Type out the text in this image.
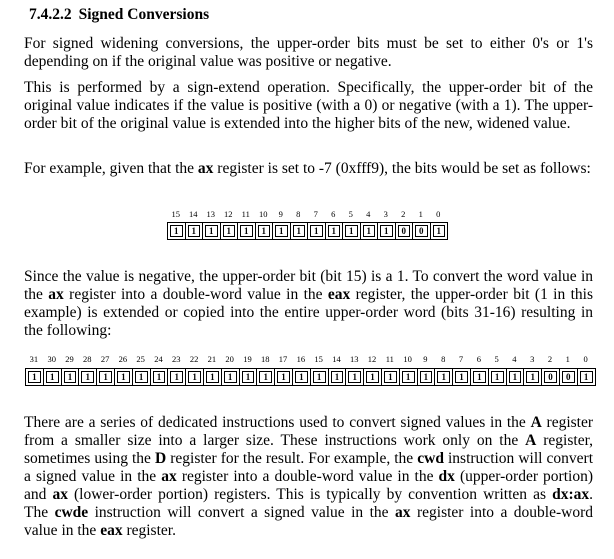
7.4.2.2 Signed Conversions

For signed widening conversions, the upper-order bits must be set to either 0's or 1's depending on if the original value was positive or negative.

This is performed by a sign-extend operation. Specifically, the upper-order bit of the original value indicates if the value is positive (with a 0) or negative (with a 1). The upper-order bit of the original value is extended into the higher bits of the new, widened value.

For example, given that the ax register is set to -7 (0xfff9), the bits would be set as follows:

15	14	13	12	11	10	9	8	7	6	5	4	3	2	1	0
1	1	1	1	1	1	1	1	1	1	1	1	1	0	0	1

Since the value is negative, the upper-order bit (bit 15) is a 1. To convert the word value in the ax register into a double-word value in the eax register, the upper-order bit (1 in this example) is extended or copied into the entire upper-order word (bits 31-16) resulting in the following:

31	30	29	28	27	26	25	24	23	22	21	20	19	18	17	16	15	14	13	12	11	10	9	8	7	6	5	4	3	2	1	0
1	1	1	1	1	1	1	1	1	1	1	1	1	1	1	1	1	1	1	1	1	1	1	1	1	1	1	1	1	0	0	1

There are a series of dedicated instructions used to convert signed values in the A register from a smaller size into a larger size. These instructions work only on the A register, sometimes using the D register for the result. For example, the cwd instruction will convert a signed value in the ax register into a double-word value in the dx (upper-order portion) and ax (lower-order portion) registers. This is typically by convention written as dx:ax. The cwde instruction will convert a signed value in the ax register into a double-word value in the eax register.
